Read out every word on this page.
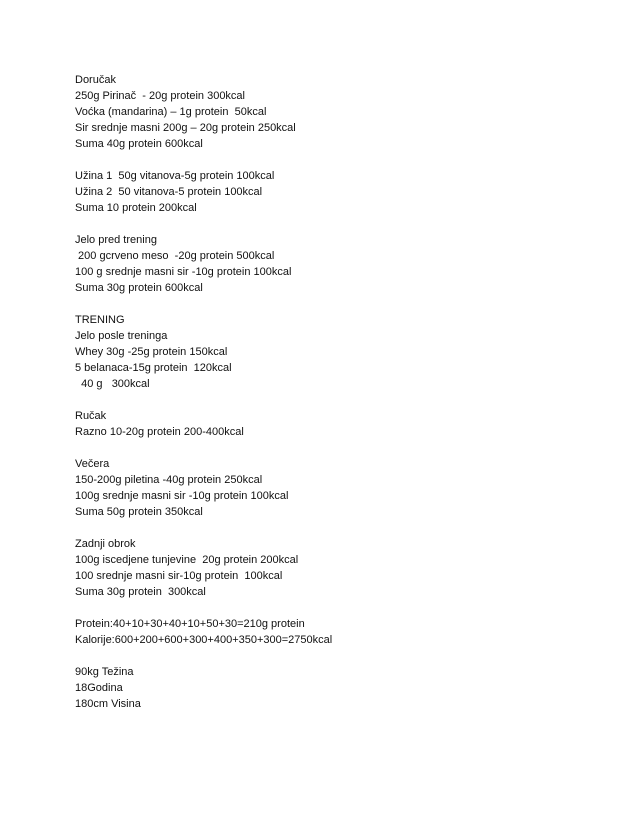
Doručak
250g Pirinač  - 20g protein 300kcal
Voćka (mandarina) – 1g protein  50kcal
Sir srednje masni 200g – 20g protein 250kcal
Suma 40g protein 600kcal
Užina 1  50g vitanova-5g protein 100kcal
Užina 2  50 vitanova-5 protein 100kcal
Suma 10 protein 200kcal
Jelo pred trening
200 gcrveno meso  -20g protein 500kcal
100 g srednje masni sir -10g protein 100kcal
Suma 30g protein 600kcal
TRENING
Jelo posle treninga
Whey 30g -25g protein 150kcal
5 belanaca-15g protein  120kcal
40 g   300kcal
Ručak
Razno 10-20g protein 200-400kcal
Večera
150-200g piletina -40g protein 250kcal
100g srednje masni sir -10g protein 100kcal
Suma 50g protein 350kcal
Zadnji obrok
100g iscedjene tunjevine  20g protein 200kcal
100 srednje masni sir-10g protein  100kcal
Suma 30g protein  300kcal
Protein:40+10+30+40+10+50+30=210g protein
Kalorije:600+200+600+300+400+350+300=2750kcal
90kg Težina
18Godina
180cm Visina
